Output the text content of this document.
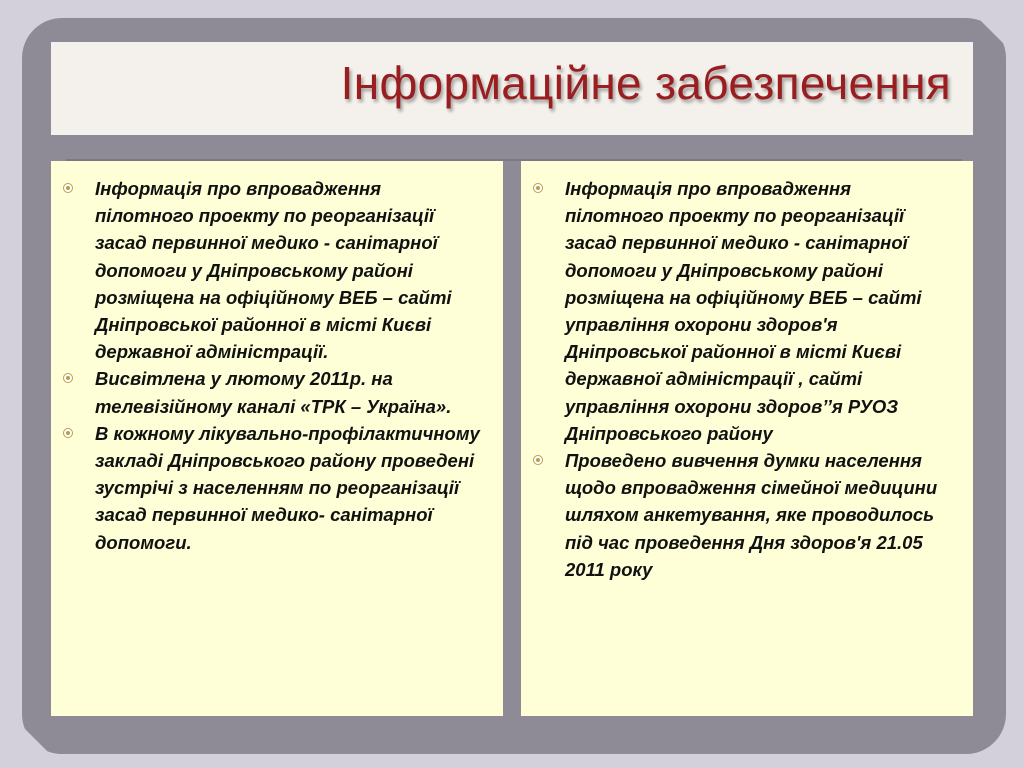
Інформаційне забезпечення
Інформація про впровадження пілотного проекту по реорганізації засад первинної медико - санітарної допомоги у Дніпровському районі розміщена на офіційному ВЕБ – сайті Дніпровської районної в місті Києві державної адміністрації.
Висвітлена у лютому 2011р. на телевізійному каналі «ТРК – Україна».
В кожному лікувально-профілактичному закладі Дніпровського району проведені зустрічі з населенням по реорганізації засад первинної медико- санітарної допомоги.
Інформація про впровадження пілотного проекту по реорганізації засад первинної медико - санітарної допомоги у Дніпровському районі розміщена на офіційному ВЕБ – сайті управління охорони здоров'я Дніпровської районної в місті Києві державної адміністрації , сайті управління охорони здоров’’я РУОЗ Дніпровського району
Проведено вивчення думки населення щодо впровадження сімейної медицини шляхом анкетування, яке проводилось під час проведення Дня здоров'я 21.05 2011 року
